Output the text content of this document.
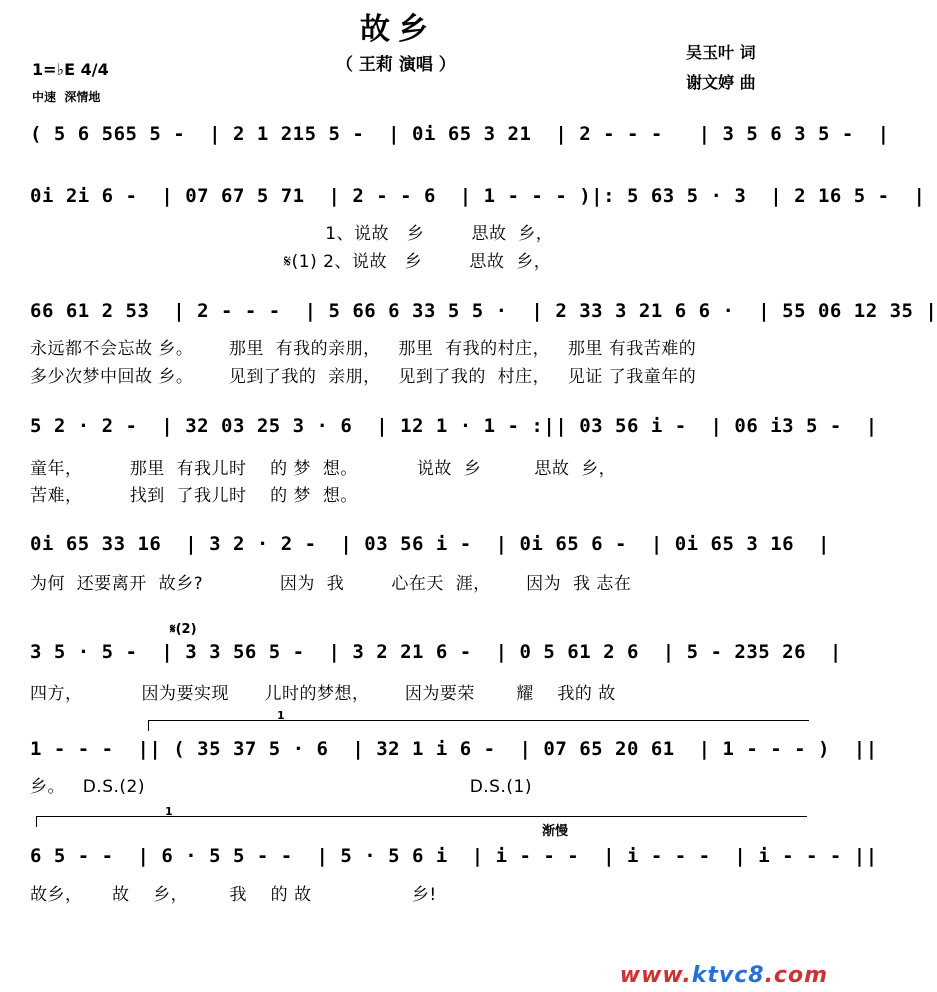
故乡
（ 王莉 演唱 ）
吴玉叶 词
谢文婷 曲
1=♭E 4/4
中速  深情地
( 5 6 565 5 -  | 2 1 215 5 -  | 0i 65 3 21  | 2 - - -   | 3 5 6 3 5 -  |
0i 2i 6 -  | 07 67 5 71  | 2 - - 6  | 1 - - - )|: 5 63 5 · 3  | 2 16 5 -  |
1、说故   乡        思故  乡，
𝄋(1) 2、说故   乡        思故  乡，
66 61 2 53  | 2 - - -  | 5 66 6 33 5 5 ·  | 2 33 3 21 6 6 ·  | 55 06 12 35 |
永远都不会忘故 乡。      那里  有我的亲朋，   那里  有我的村庄，   那里 有我苦难的
多少次梦中回故 乡。      见到了我的  亲朋，   见到了我的  村庄，   见证 了我童年的
5 2 · 2 -  | 32 03 25 3 · 6  | 12 1 · 1 - :|| 03 56 i -  | 06 i3 5 -  |
童年，        那里  有我儿时    的 梦  想。          说故  乡         思故  乡，
苦难，        找到  了我儿时    的 梦  想。
0i 65 33 16  | 3 2 · 2 -  | 03 56 i -  | 0i 65 6 -  | 0i 65 3 16  |
为何  还要离开  故乡?             因为  我        心在天  涯，      因为  我 志在
𝄋(2)
3 5 · 5 -  | 3 3 56 5 -  | 3 2 21 6 -  | 0 5 61 2 6  | 5 - 235 26  |
四方，          因为要实现      儿时的梦想，      因为要荣       耀    我的 故
1
1 - - -  || ( 35 37 5 · 6  | 32 1 i 6 -  | 07 65 20 61  | 1 - - - )  ||
乡。   D.S.(2)                                                       D.S.(1)
1
渐慢
6 5 - -  | 6 · 5 5 - -  | 5 · 5 6 i  | i - - -  | i - - -  | i - - - ||
故乡，     故    乡，       我    的 故                 乡!
www.ktvc8.com
